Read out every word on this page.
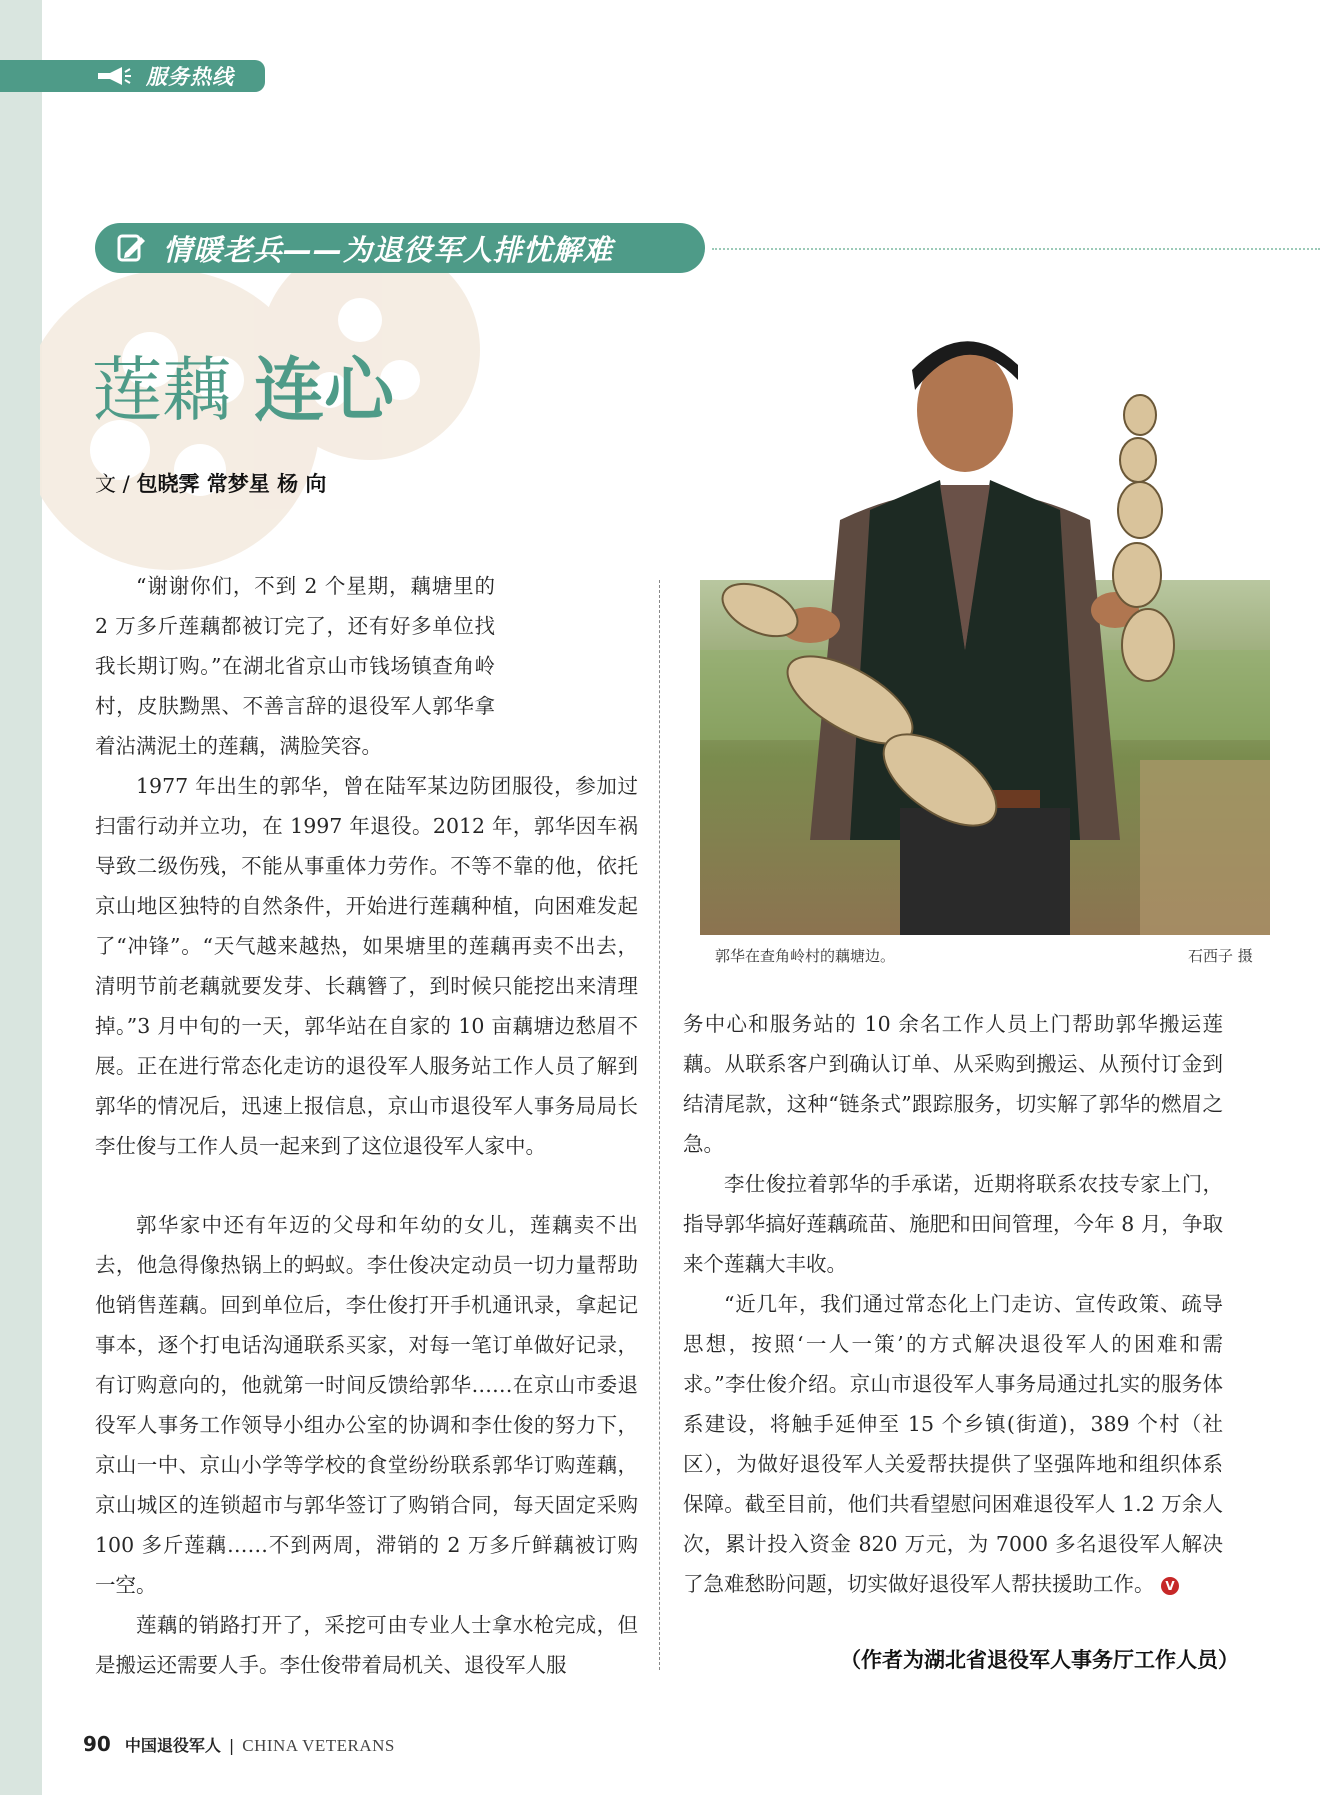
服务热线
情暖老兵——为退役军人排忧解难
莲藕 连心
文 / 包晓霁 常梦星 杨 向
“谢谢你们，不到 2 个星期，藕塘里的 2 万多斤莲藕都被订完了，还有好多单位找我长期订购。”在湖北省京山市钱场镇查角岭村，皮肤黝黑、不善言辞的退役军人郭华拿着沾满泥土的莲藕，满脸笑容。
1977 年出生的郭华，曾在陆军某边防团服役，参加过扫雷行动并立功，在 1997 年退役。2012 年，郭华因车祸导致二级伤残，不能从事重体力劳作。不等不靠的他，依托京山地区独特的自然条件，开始进行莲藕种植，向困难发起了“冲锋”。“天气越来越热，如果塘里的莲藕再卖不出去，清明节前老藕就要发芽、长藕簪了，到时候只能挖出来清理掉。”3 月中旬的一天，郭华站在自家的 10 亩藕塘边愁眉不展。正在进行常态化走访的退役军人服务站工作人员了解到郭华的情况后，迅速上报信息，京山市退役军人事务局局长李仕俊与工作人员一起来到了这位退役军人家中。
郭华家中还有年迈的父母和年幼的女儿，莲藕卖不出去，他急得像热锅上的蚂蚁。李仕俊决定动员一切力量帮助他销售莲藕。回到单位后，李仕俊打开手机通讯录，拿起记事本，逐个打电话沟通联系买家，对每一笔订单做好记录，有订购意向的，他就第一时间反馈给郭华……在京山市委退役军人事务工作领导小组办公室的协调和李仕俊的努力下，京山一中、京山小学等学校的食堂纷纷联系郭华订购莲藕，京山城区的连锁超市与郭华签订了购销合同，每天固定采购 100 多斤莲藕……不到两周，滞销的 2 万多斤鲜藕被订购一空。
莲藕的销路打开了，采挖可由专业人士拿水枪完成，但是搬运还需要人手。李仕俊带着局机关、退役军人服
郭华在查角岭村的藕塘边。	石西子 摄
务中心和服务站的 10 余名工作人员上门帮助郭华搬运莲藕。从联系客户到确认订单、从采购到搬运、从预付订金到结清尾款，这种“链条式”跟踪服务，切实解了郭华的燃眉之急。
李仕俊拉着郭华的手承诺，近期将联系农技专家上门，指导郭华搞好莲藕疏苗、施肥和田间管理，今年 8 月，争取来个莲藕大丰收。
“近几年，我们通过常态化上门走访、宣传政策、疏导思想，按照‘一人一策’的方式解决退役军人的困难和需求。”李仕俊介绍。京山市退役军人事务局通过扎实的服务体系建设，将触手延伸至 15 个乡镇(街道)，389 个村（社区），为做好退役军人关爱帮扶提供了坚强阵地和组织体系保障。截至目前，他们共看望慰问困难退役军人 1.2 万余人次，累计投入资金 820 万元，为 7000 多名退役军人解决了急难愁盼问题，切实做好退役军人帮扶援助工作。 V
（作者为湖北省退役军人事务厅工作人员）
90 中国退役军人 | CHINA VETERANS
